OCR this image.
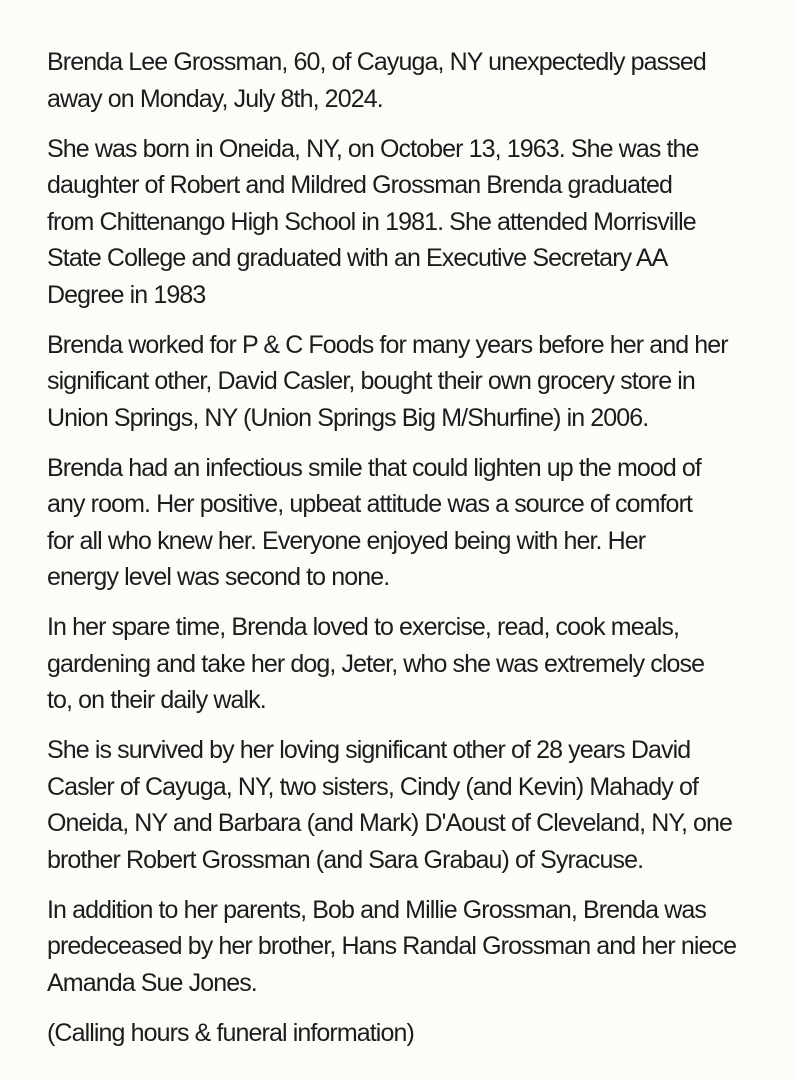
Brenda Lee Grossman, 60, of Cayuga, NY unexpectedly passed
away on Monday, July 8th, 2024.

She was born in Oneida, NY, on October 13, 1963. She was the
daughter of Robert and Mildred Grossman Brenda graduated
from Chittenango High School in 1981. She attended Morrisville
State College and graduated with an Executive Secretary AA
Degree in 1983

Brenda worked for P & C Foods for many years before her and her
significant other, David Casler, bought their own grocery store in
Union Springs, NY (Union Springs Big M/Shurfine) in 2006.

Brenda had an infectious smile that could lighten up the mood of
any room. Her positive, upbeat attitude was a source of comfort
for all who knew her. Everyone enjoyed being with her. Her
energy level was second to none.

In her spare time, Brenda loved to exercise, read, cook meals,
gardening and take her dog, Jeter, who she was extremely close
to, on their daily walk.

She is survived by her loving significant other of 28 years David
Casler of Cayuga, NY, two sisters, Cindy (and Kevin) Mahady of
Oneida, NY and Barbara (and Mark) D'Aoust of Cleveland, NY, one
brother Robert Grossman (and Sara Grabau) of Syracuse.

In addition to her parents, Bob and Millie Grossman, Brenda was
predeceased by her brother, Hans Randal Grossman and her niece
Amanda Sue Jones.

(Calling hours & funeral information)
